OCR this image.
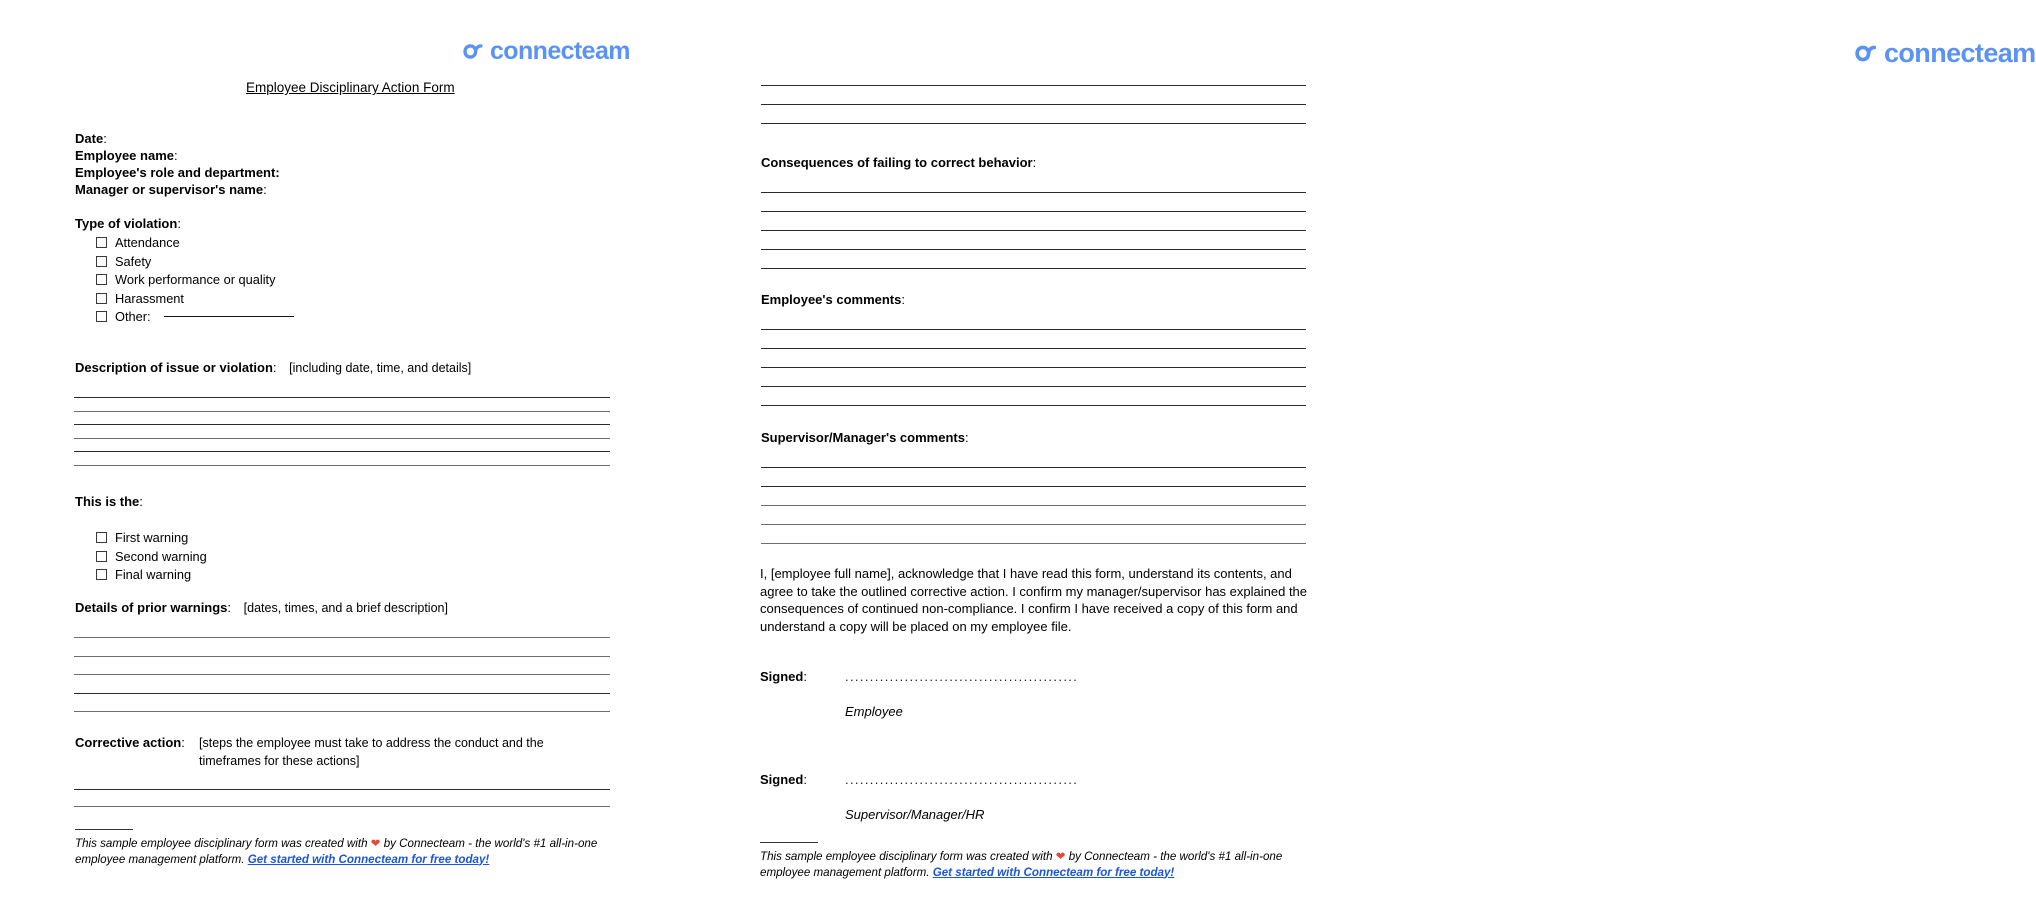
connecteam
Employee Disciplinary Action Form
Date:
Employee name:
Employee's role and department:
Manager or supervisor's name:
Type of violation:
Attendance
Safety
Work performance or quality
Harassment
Other:
Description of issue or violation: [including date, time, and details]
This is the:
First warning
Second warning
Final warning
Details of prior warnings: [dates, times, and a brief description]
Corrective action: [steps the employee must take to address the conduct and the
timeframes for these actions]
This sample employee disciplinary form was created with ❤ by Connecteam - the world's #1 all-in-one employee management platform. Get started with Connecteam for free today!
connecteam
Consequences of failing to correct behavior:
Employee's comments:
Supervisor/Manager's comments:
I, [employee full name], acknowledge that I have read this form, understand its contents, and agree to take the outlined corrective action. I confirm my manager/supervisor has explained the consequences of continued non-compliance. I confirm I have received a copy of this form and understand a copy will be placed on my employee file.
Signed:	...............................................
Employee
Signed:	...............................................
Supervisor/Manager/HR
This sample employee disciplinary form was created with ❤ by Connecteam - the world's #1 all-in-one employee management platform. Get started with Connecteam for free today!
